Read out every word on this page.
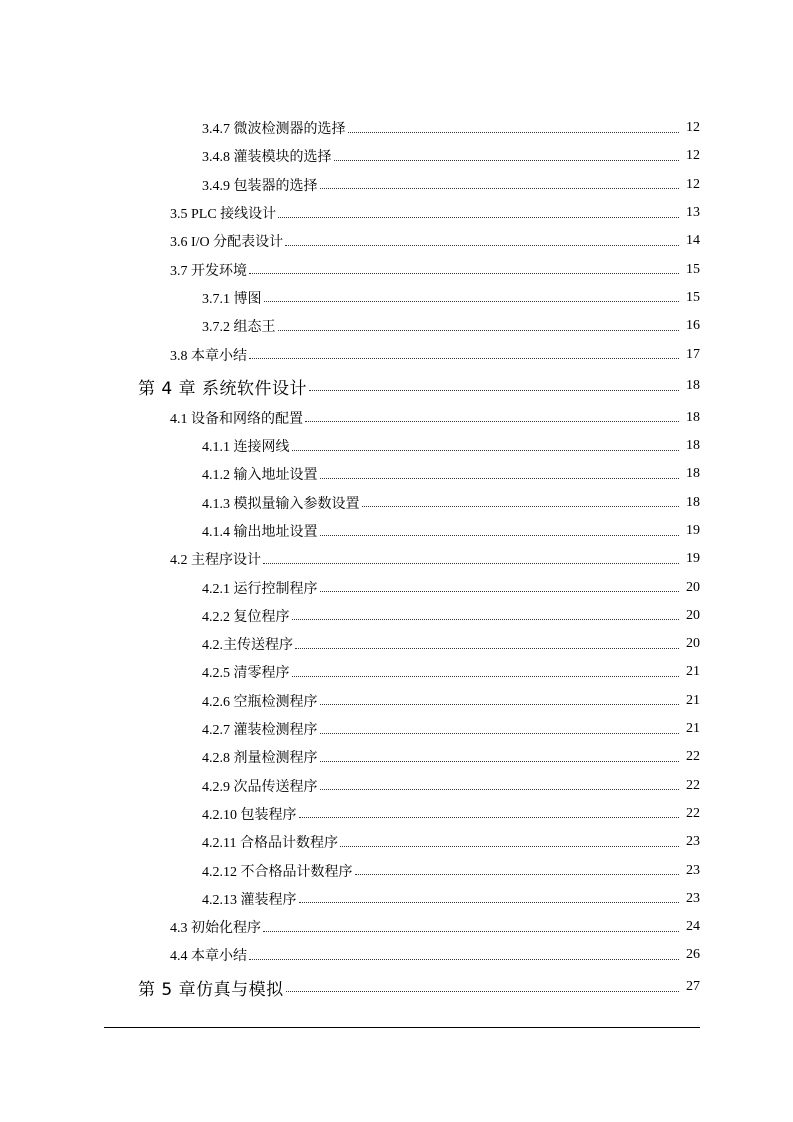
3.4.7 微波检测器的选择	12
3.4.8 灌装模块的选择	12
3.4.9 包装器的选择	12
3.5 PLC 接线设计	13
3.6 I/O 分配表设计	14
3.7 开发环境	15
3.7.1 博图	15
3.7.2 组态王	16
3.8 本章小结	17
第 4 章 系统软件设计	18
4.1 设备和网络的配置	18
4.1.1 连接网线	18
4.1.2 输入地址设置	18
4.1.3 模拟量输入参数设置	18
4.1.4 输出地址设置	19
4.2 主程序设计	19
4.2.1 运行控制程序	20
4.2.2 复位程序	20
4.2.主传送程序	20
4.2.5 清零程序	21
4.2.6 空瓶检测程序	21
4.2.7 灌装检测程序	21
4.2.8 剂量检测程序	22
4.2.9 次品传送程序	22
4.2.10 包装程序	22
4.2.11 合格品计数程序	23
4.2.12 不合格品计数程序	23
4.2.13 灌装程序	23
4.3 初始化程序	24
4.4 本章小结	26
第 5 章仿真与模拟	27
